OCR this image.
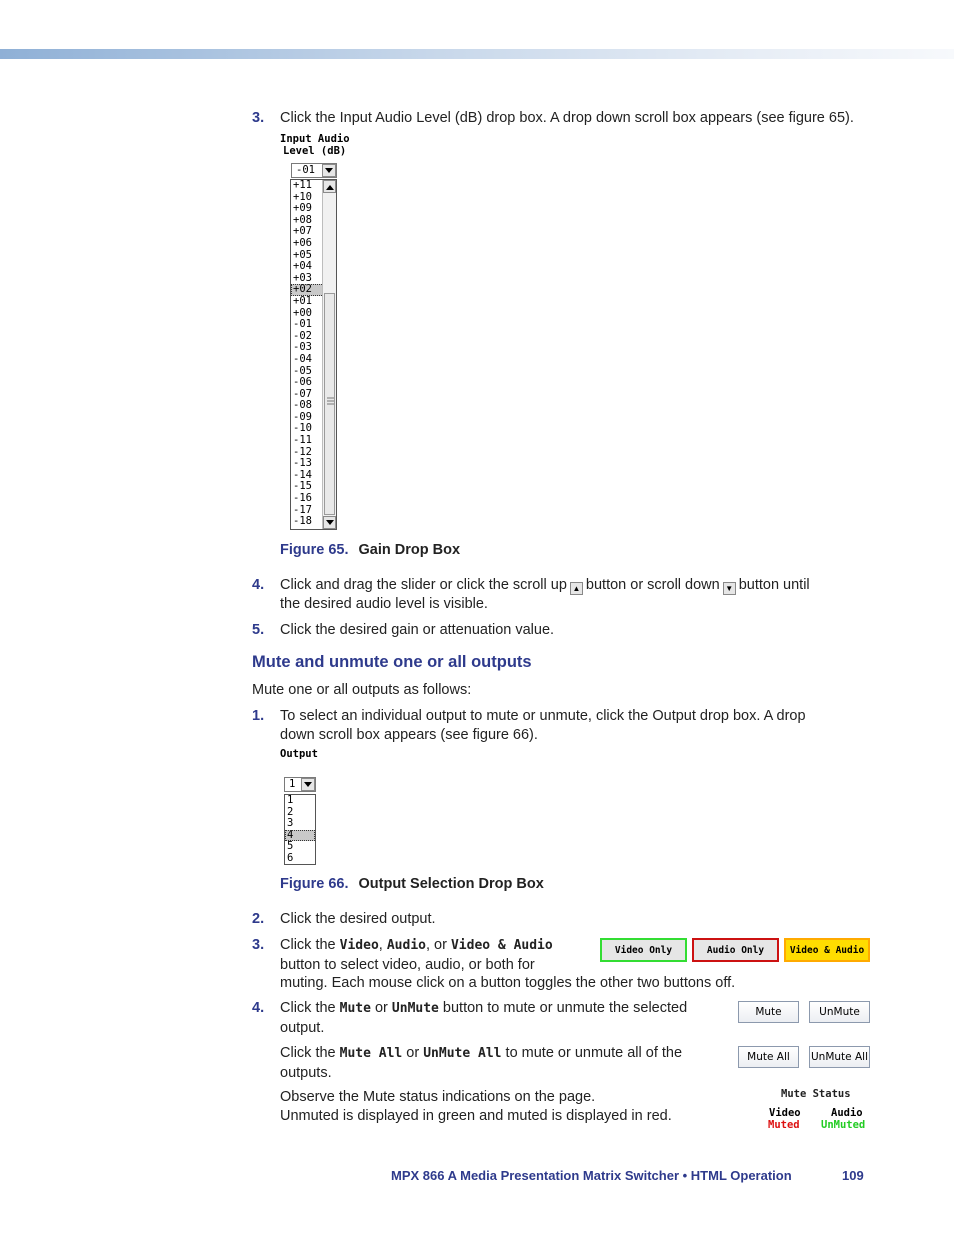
3. Click the Input Audio Level (dB) drop box. A drop down scroll box appears (see figure 65).
Input Audio
Level (dB)
-01
+11
+10
+09
+08
+07
+06
+05
+04
+03
+02
+01
+00
-01
-02
-03
-04
-05
-06
-07
-08
-09
-10
-11
-12
-13
-14
-15
-16
-17
-18
Figure 65. Gain Drop Box
4. Click and drag the slider or click the scroll up ▲ button or scroll down ▼ button until
the desired audio level is visible.
5. Click the desired gain or attenuation value.
Mute and unmute one or all outputs
Mute one or all outputs as follows:
1. To select an individual output to mute or unmute, click the Output drop box. A drop
down scroll box appears (see figure 66).
Output
1
1
2
3
4
5
6
Figure 66. Output Selection Drop Box
2. Click the desired output.
3. Click the Video, Audio, or Video & Audio
button to select video, audio, or both for
muting. Each mouse click on a button toggles the other two buttons off.
Video Only	Audio Only	Video & Audio
4. Click the Mute or UnMute button to mute or unmute the selected
output.
Mute	UnMute
Click the Mute All or UnMute All to mute or unmute all of the
outputs.
Mute All	UnMute All
Observe the Mute status indications on the page.
Unmuted is displayed in green and muted is displayed in red.
Mute Status
Video
Muted
Audio
UnMuted
MPX 866 A Media Presentation Matrix Switcher • HTML Operation	109
